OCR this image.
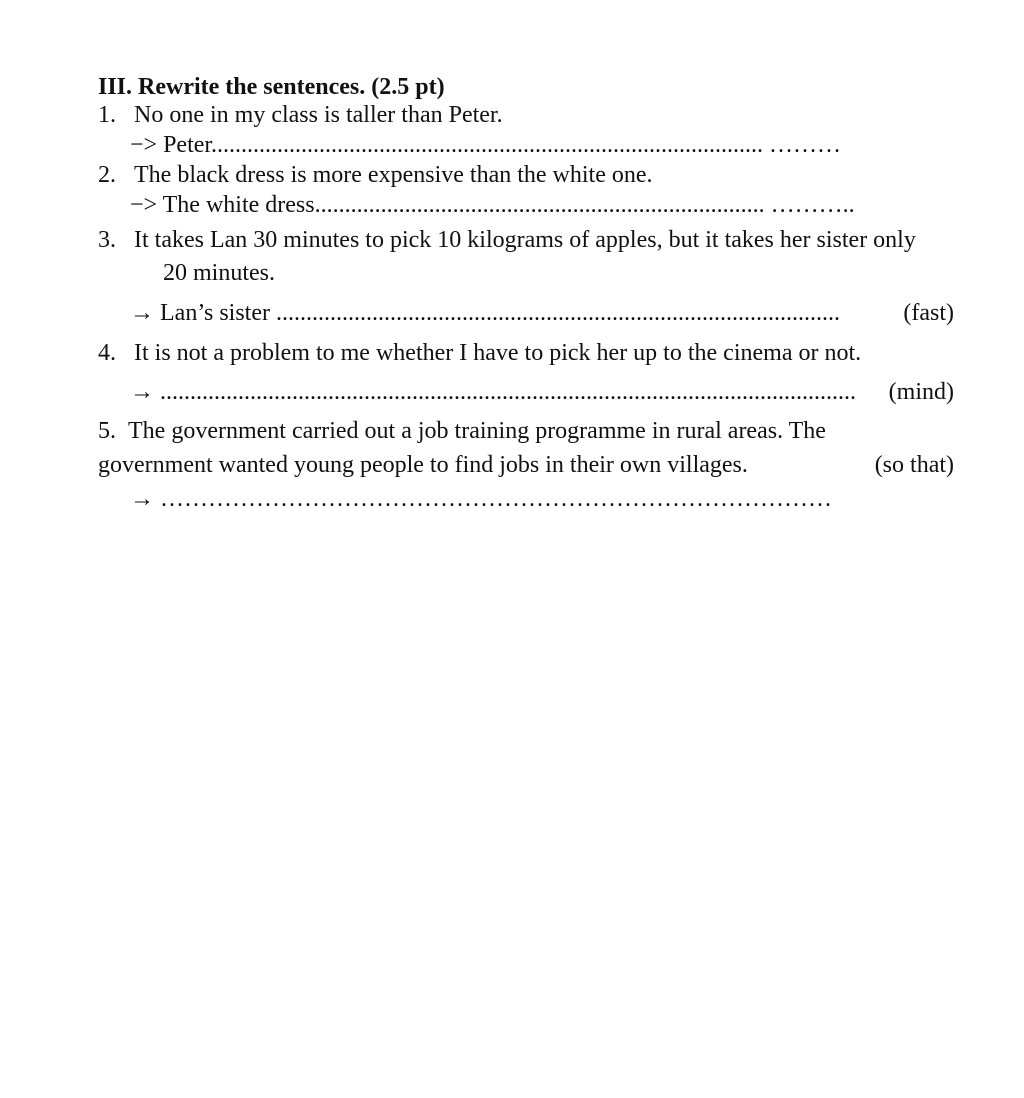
III. Rewrite the sentences. (2.5 pt)
1. No one in my class is taller than Peter.
−> Peter............................................................................................ ………
2. The black dress is more expensive than the white one.
−> The white dress........................................................................... ………..
3. It takes Lan 30 minutes to pick 10 kilograms of apples, but it takes her sister only
20 minutes.
→ Lan’s sister ..............................................................................................	(fast)
4. It is not a problem to me whether I have to pick her up to the cinema or not.
→ .................................................................................................................... (mind)
5. The government carried out a job training programme in rural areas. The
government wanted young people to find jobs in their own villages.	(so that)
→ …………………………………………………………………………
